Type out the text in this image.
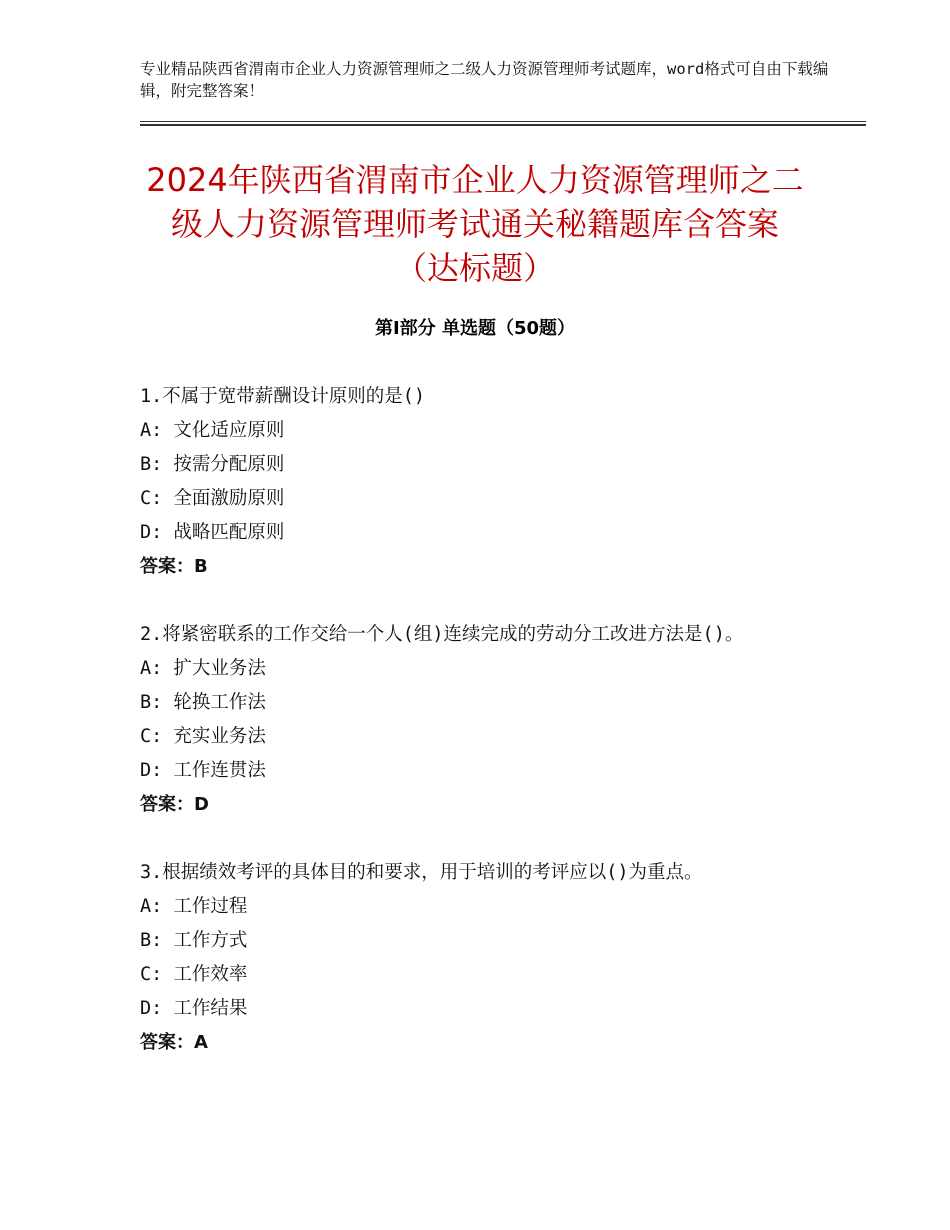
专业精品陕西省渭南市企业人力资源管理师之二级人力资源管理师考试题库，word格式可自由下载编辑，附完整答案！
2024年陕西省渭南市企业人力资源管理师之二级人力资源管理师考试通关秘籍题库含答案（达标题）
第Ⅰ部分 单选题（50题）
1.不属于宽带薪酬设计原则的是()
A: 文化适应原则
B: 按需分配原则
C: 全面激励原则
D: 战略匹配原则
答案：B
2.将紧密联系的工作交给一个人(组)连续完成的劳动分工改进方法是()。
A: 扩大业务法
B: 轮换工作法
C: 充实业务法
D: 工作连贯法
答案：D
3.根据绩效考评的具体目的和要求，用于培训的考评应以()为重点。
A: 工作过程
B: 工作方式
C: 工作效率
D: 工作结果
答案：A
